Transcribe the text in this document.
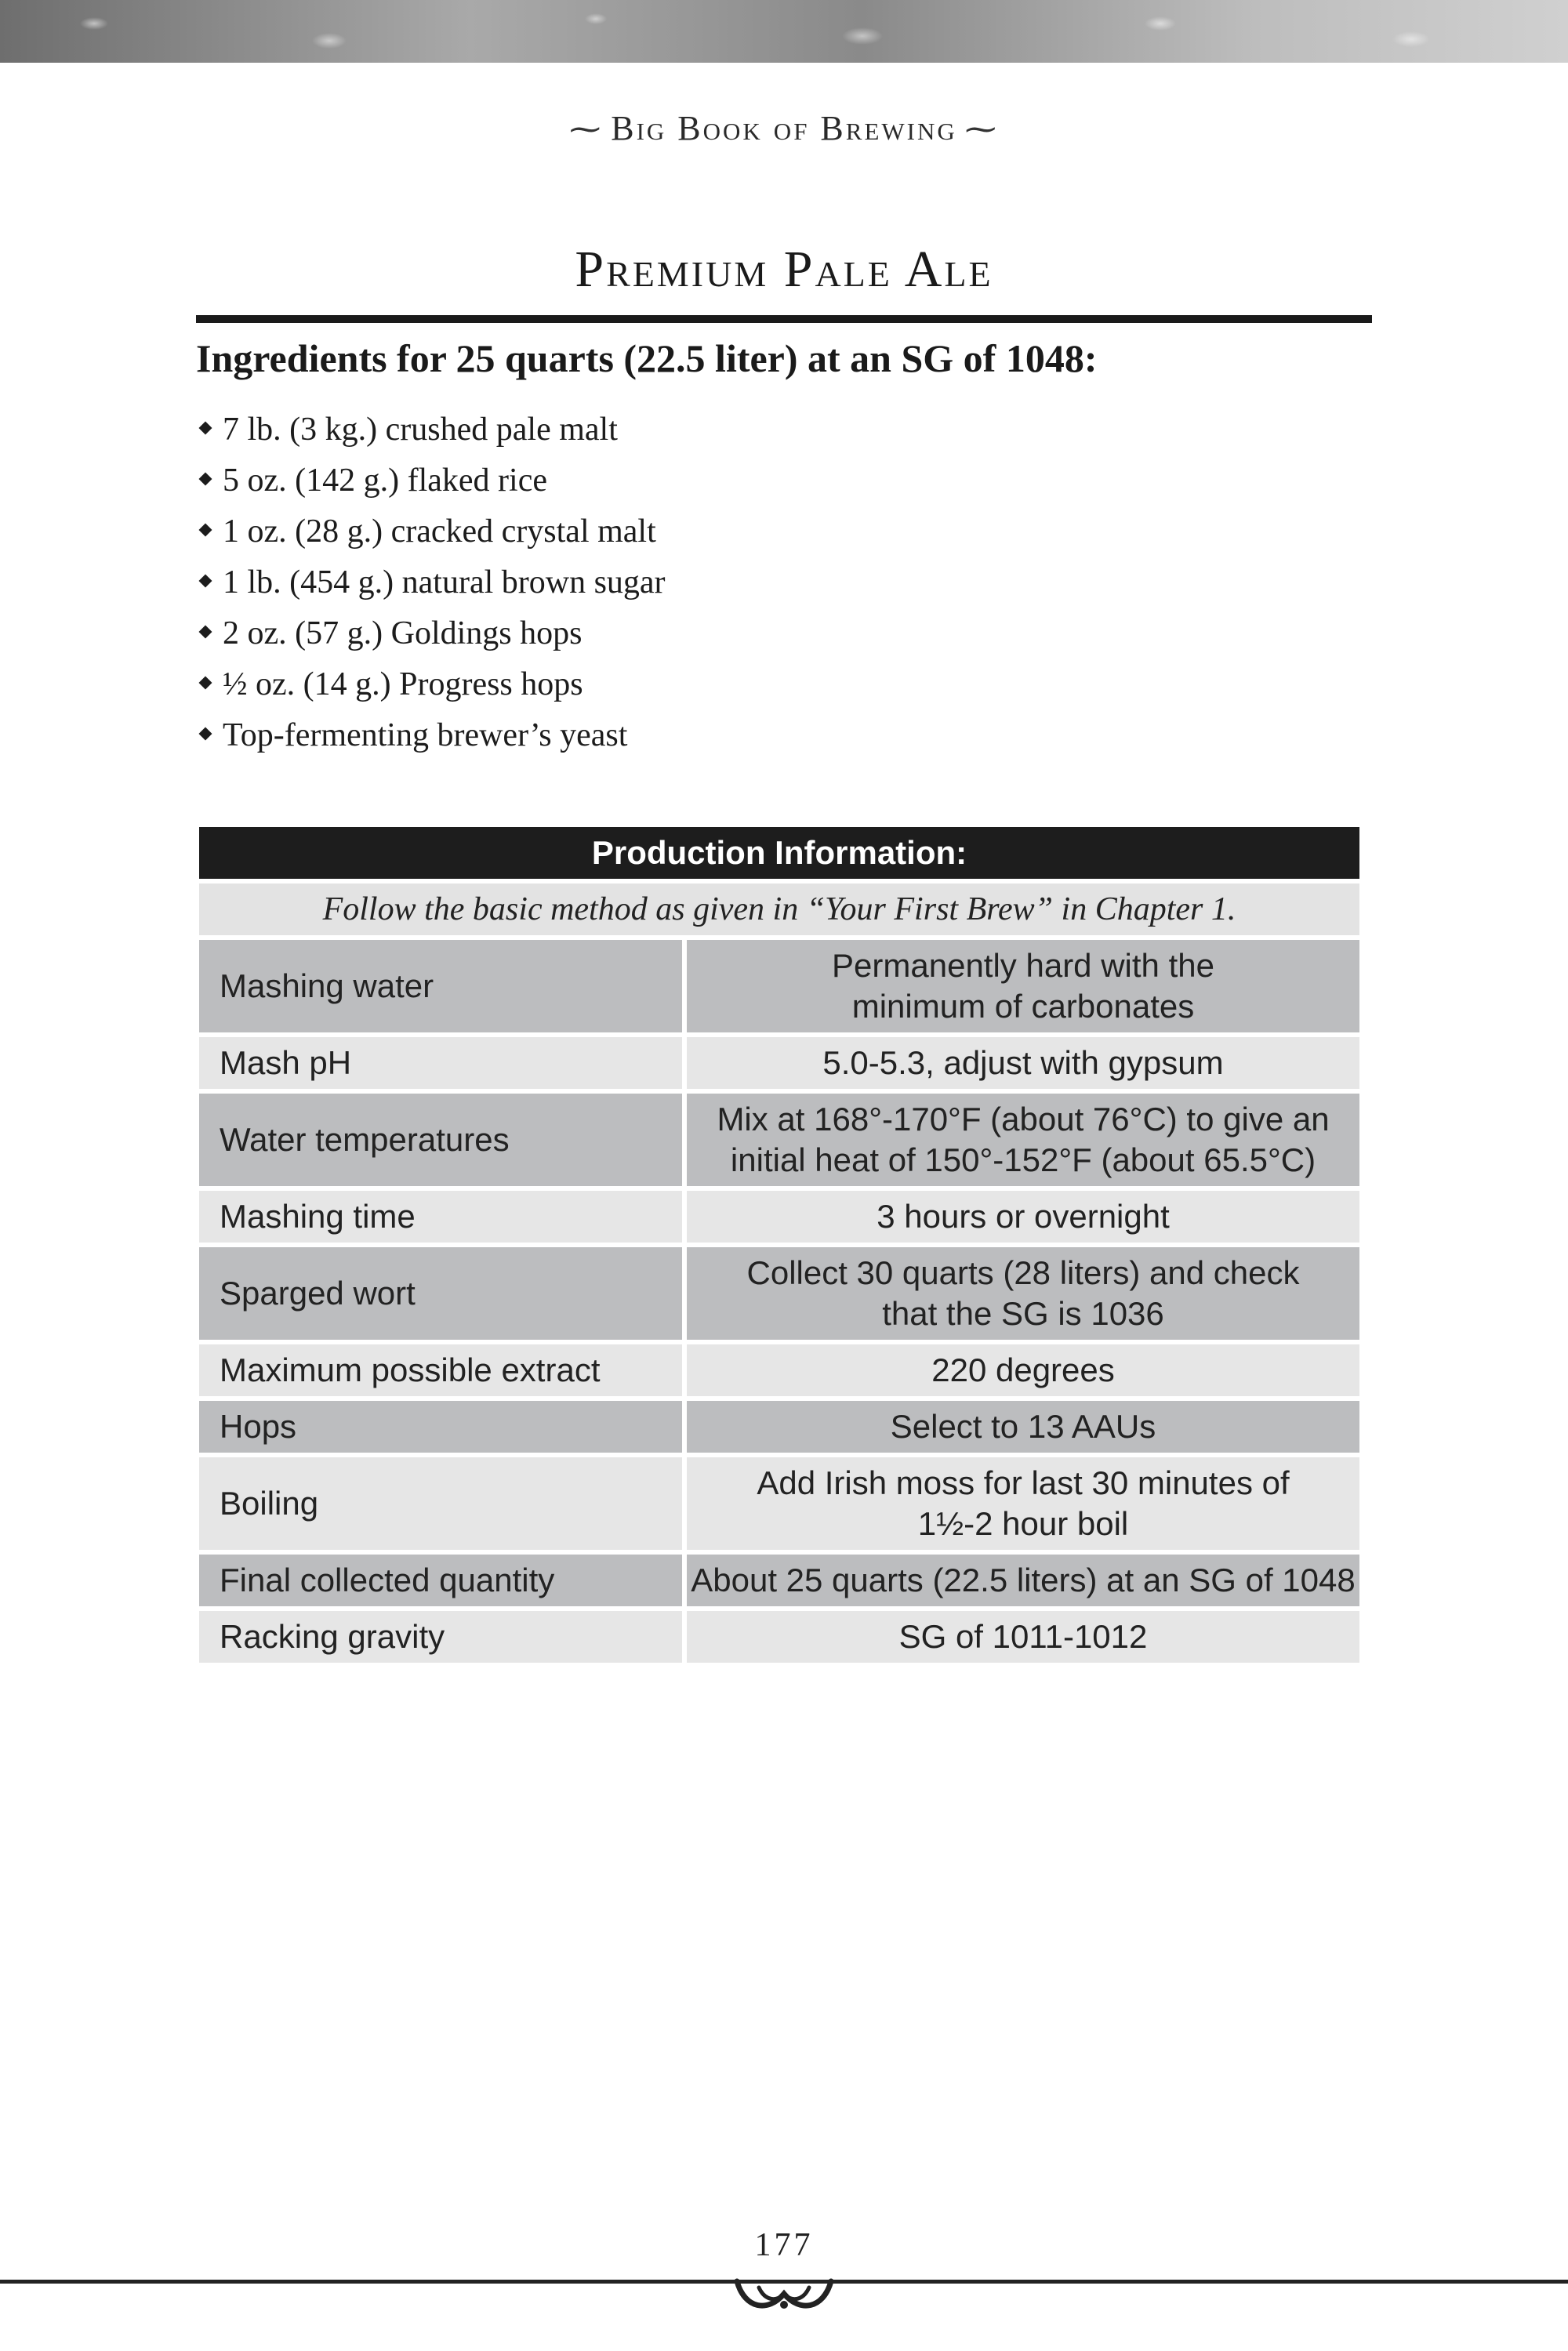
⁓ Big Book of Brewing ⁓
Premium Pale Ale
Ingredients for 25 quarts (22.5 liter) at an SG of 1048:
7 lb. (3 kg.) crushed pale malt
5 oz. (142 g.) flaked rice
1 oz. (28 g.) cracked crystal malt
1 lb. (454 g.) natural brown sugar
2 oz. (57 g.) Goldings hops
½ oz. (14 g.) Progress hops
Top-fermenting brewer’s yeast
Production Information:	
Follow the basic method as given in “Your First Brew” in Chapter 1.	
Mashing water	Permanently hard with the
minimum of carbonates
Mash pH	5.0-5.3, adjust with gypsum
Water temperatures	Mix at 168°-170°F (about 76°C) to give an
initial heat of 150°-152°F (about 65.5°C)
Mashing time	3 hours or overnight
Sparged wort	Collect 30 quarts (28 liters) and check
that the SG is 1036
Maximum possible extract	220 degrees
Hops	Select to 13 AAUs
Boiling	Add Irish moss for last 30 minutes of
1½-2 hour boil
Final collected quantity	About 25 quarts (22.5 liters) at an SG of 1048
Racking gravity	SG of 1011-1012
177
